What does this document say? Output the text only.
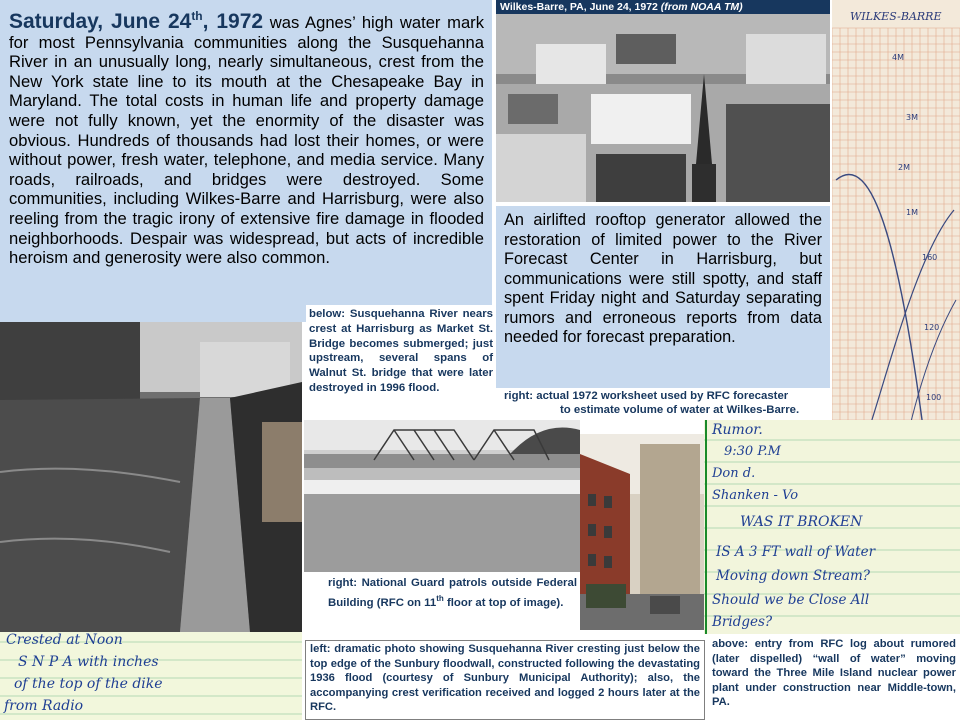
Saturday, June 24th, 1972 was Agnes’ high water mark for most Pennsylvania communities along the Susquehanna River in an unusually long, nearly simultaneous, crest from the New York state line to its mouth at the Chesapeake Bay in Maryland. The total costs in human life and property damage were not fully known, yet the enormity of the disaster was obvious. Hundreds of thousands had lost their homes, or were without power, fresh water, telephone, and media service. Many roads, railroads, and bridges were destroyed. Some communities, including Wilkes-Barre and Harrisburg, were also reeling from the tragic irony of extensive fire damage in flooded neighborhoods. Despair was widespread, but acts of incredible heroism and generosity were also common.
Wilkes-Barre, PA, June 24, 1972 (from NOAA TM)
An airlifted rooftop generator allowed the restoration of limited power to the River Forecast Center in Harrisburg, but communications were still spotty, and staff spent Friday night and Saturday separating rumors and erroneous reports from data needed for forecast preparation.
WILKES-BARRE
4M
3M
2M
1M
160
120
100
Crested at Noon
S N P A with inches
of the top of the dike
from Radio
Rumor.
9:30 P.M
Don d.
Shanken - Vo
WAS IT BROKEN
IS A 3 FT wall of Water
Moving down Stream?
Should we be Close All
Bridges?
below: Susquehanna River nears crest at Harrisburg as Market St. Bridge becomes submerged; just upstream, several spans of Walnut St. bridge that were later destroyed in 1996 flood.
right: actual 1972 worksheet used by RFC forecaster
to estimate volume of water at Wilkes-Barre.
right: National Guard patrols outside Federal Building (RFC on 11th floor at top of image).
left: dramatic photo showing Susquehanna River cresting just below the top edge of the Sunbury floodwall, constructed following the devastating 1936 flood (courtesy of Sunbury Municipal Authority); also, the accompanying crest verification received and logged 2 hours later at the RFC.
above: entry from RFC log about rumored (later dispelled) “wall of water” moving toward the Three Mile Island nuclear power plant under construction near Middle-town, PA.
